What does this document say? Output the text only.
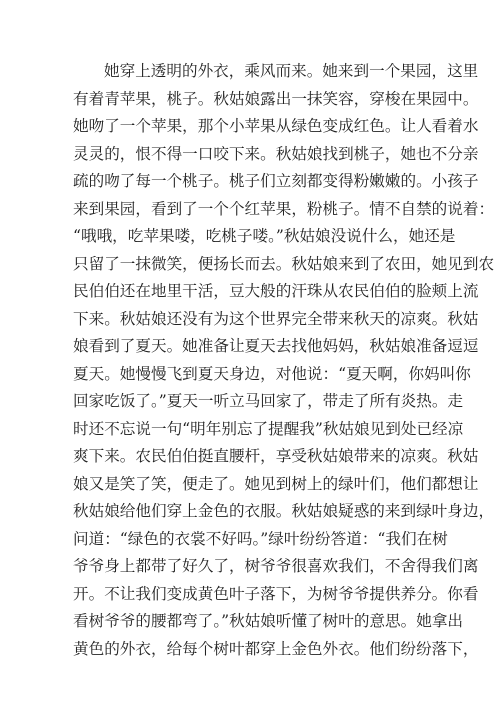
她穿上透明的外衣，乘风而来。她来到一个果园，这里
有着青苹果，桃子。秋姑娘露出一抹笑容，穿梭在果园中。
她吻了一个苹果，那个小苹果从绿色变成红色。让人看着水
灵灵的，恨不得一口咬下来。秋姑娘找到桃子，她也不分亲
疏的吻了每一个桃子。桃子们立刻都变得粉嫩嫩的。小孩子
来到果园，看到了一个个红苹果，粉桃子。情不自禁的说着：
“哦哦，吃苹果喽，吃桃子喽。”秋姑娘没说什么，她还是
只留了一抹微笑，便扬长而去。秋姑娘来到了农田，她见到农
民伯伯还在地里干活，豆大般的汗珠从农民伯伯的脸颊上流
下来。秋姑娘还没有为这个世界完全带来秋天的凉爽。秋姑
娘看到了夏天。她准备让夏天去找他妈妈，秋姑娘准备逗逗
夏天。她慢慢飞到夏天身边，对他说：“夏天啊，你妈叫你
回家吃饭了。”夏天一听立马回家了，带走了所有炎热。走
时还不忘说一句“明年别忘了提醒我”秋姑娘见到处已经凉
爽下来。农民伯伯挺直腰杆，享受秋姑娘带来的凉爽。秋姑
娘又是笑了笑，便走了。她见到树上的绿叶们，他们都想让
秋姑娘给他们穿上金色的衣服。秋姑娘疑惑的来到绿叶身边，
问道：“绿色的衣裳不好吗。”绿叶纷纷答道：“我们在树
爷爷身上都带了好久了，树爷爷很喜欢我们，不舍得我们离
开。不让我们变成黄色叶子落下，为树爷爷提供养分。你看
看树爷爷的腰都弯了。”秋姑娘听懂了树叶的意思。她拿出
黄色的外衣，给每个树叶都穿上金色外衣。他们纷纷落下，
